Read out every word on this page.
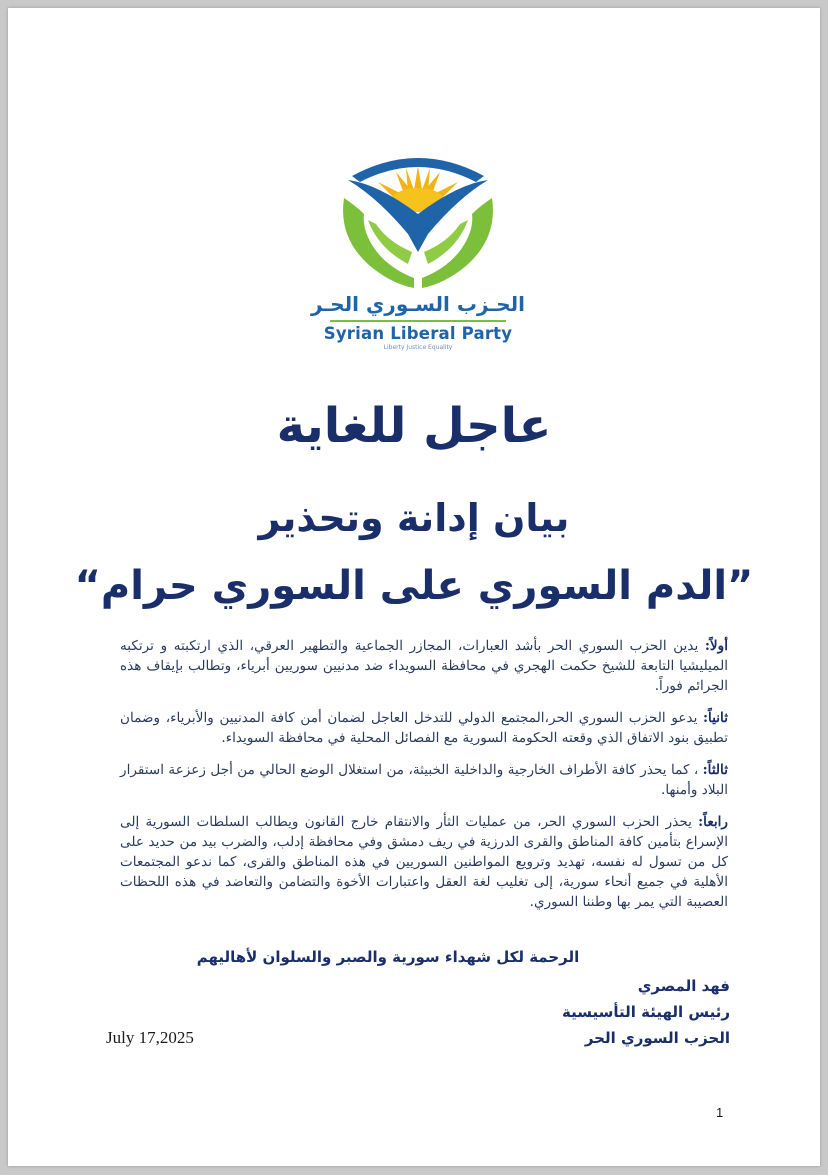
الحـزب السـوري الحـر
Syrian Liberal Party
Liberty Justice Equality
عاجل للغاية
بيان إدانة وتحذير
”الدم السوري على السوري حرام“

أولاً: يدين الحزب السوري الحر بأشد العبارات، المجازر الجماعية والتطهير العرقي، الذي ارتكبته و ترتكبه الميليشيا التابعة للشيخ حكمت الهجري في محافظة السويداء ضد مدنيين سوريين أبرياء، وتطالب بإيقاف هذه الجرائم فوراً.

ثانياً: يدعو الحزب السوري الحر،المجتمع الدولي للتدخل العاجل لضمان أمن كافة المدنيين والأبرياء، وضمان تطبيق بنود الاتفاق الذي وقعته الحكومة السورية مع الفصائل المحلية في محافظة السويداء.

ثالثاً: ، كما يحذر كافة الأطراف الخارجية والداخلية الخبيثة، من استغلال الوضع الحالي من أجل زعزعة استقرار البلاد وأمنها.

رابعاً: يحذر الحزب السوري الحر، من عمليات الثأر والانتقام خارج القانون ويطالب السلطات السورية إلى الإسراع بتأمين كافة المناطق والقرى الدرزية في ريف دمشق وفي محافظة إدلب، والضرب بيد من حديد على كل من تسول له نفسه، تهديد وترويع المواطنين السوريين في هذه المناطق والقرى، كما ندعو المجتمعات الأهلية في جميع أنحاء سورية، إلى تغليب لغة العقل واعتبارات الأخوة والتضامن والتعاضد في هذه اللحظات العصيبة التي يمر بها وطننا السوري.

الرحمة لكل شهداء سورية والصبر والسلوان لأهاليهم
فهد المصري
رئيس الهيئة التأسيسية
الحزب السوري الحر
July 17,2025
1
